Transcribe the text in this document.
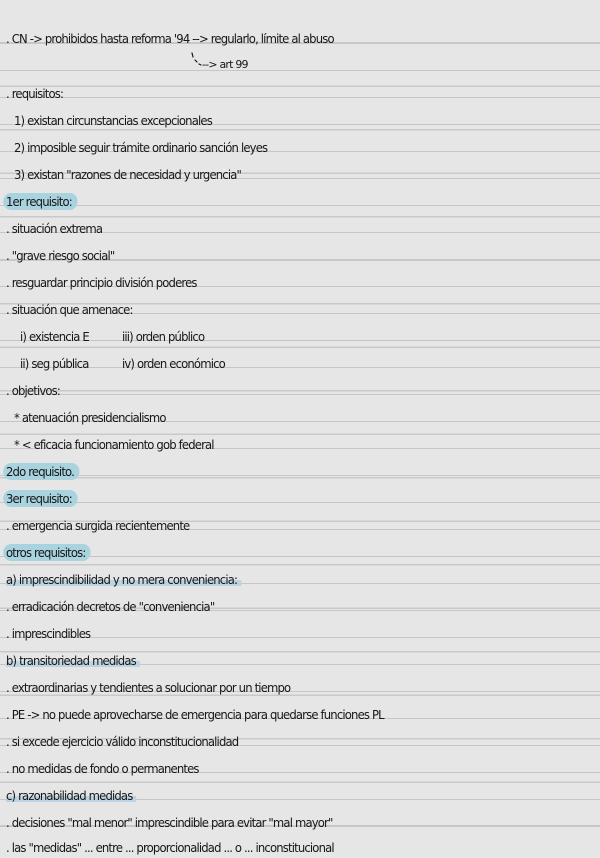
. CN -> prohibidos hasta reforma '94 --> regularlo, límite al abuso
--> art 99
. requisitos:
1) existan circunstancias excepcionales
2) imposible seguir trámite ordinario sanción leyes
3) existan "razones de necesidad y urgencia"
1er requisito:
. situación extrema
. "grave riesgo social"
. resguardar principio división poderes
. situación que amenace:
i) existencia E	iii) orden público
ii) seg pública	iv) orden económico
. objetivos:
* atenuación presidencialismo
* < eficacia funcionamiento gob federal
2do requisito.
3er requisito:
. emergencia surgida recientemente
otros requisitos:
a) imprescindibilidad y no mera conveniencia:
. erradicación decretos de "conveniencia"
. imprescindibles
b) transitoriedad medidas
. extraordinarias y tendientes a solucionar por un tiempo
. PE -> no puede aprovecharse de emergencia para quedarse funciones PL
. si excede ejercicio válido inconstitucionalidad
. no medidas de fondo o permanentes
c) razonabilidad medidas
. decisiones "mal menor" imprescindible para evitar "mal mayor"
. las "medidas" ... entre ... proporcionalidad ... o ... inconstitucional
